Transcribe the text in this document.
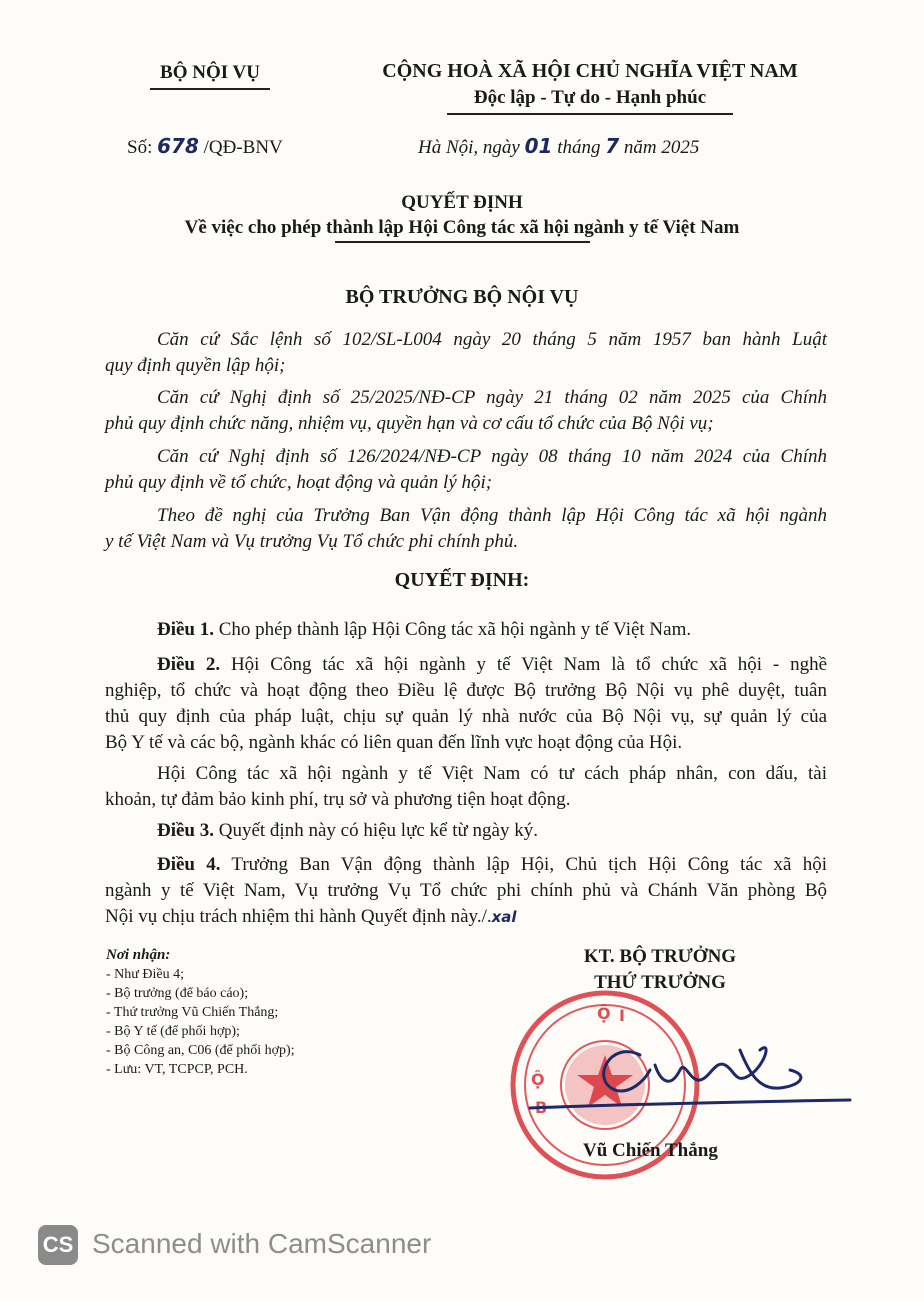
BỘ NỘI VỤ	CỘNG HOÀ XÃ HỘI CHỦ NGHĨA VIỆT NAM
Độc lập - Tự do - Hạnh phúc
Số: 678 /QĐ-BNV	Hà Nội, ngày 01 tháng 7 năm 2025
QUYẾT ĐỊNH
Về việc cho phép thành lập Hội Công tác xã hội ngành y tế Việt Nam
BỘ TRƯỞNG BỘ NỘI VỤ
Căn cứ Sắc lệnh số 102/SL-L004 ngày 20 tháng 5 năm 1957 ban hành Luật
quy định quyền lập hội;
Căn cứ Nghị định số 25/2025/NĐ-CP ngày 21 tháng 02 năm 2025 của Chính
phủ quy định chức năng, nhiệm vụ, quyền hạn và cơ cấu tổ chức của Bộ Nội vụ;
Căn cứ Nghị định số 126/2024/NĐ-CP ngày 08 tháng 10 năm 2024 của Chính
phủ quy định về tổ chức, hoạt động và quản lý hội;
Theo đề nghị của Trưởng Ban Vận động thành lập Hội Công tác xã hội ngành
y tế Việt Nam và Vụ trưởng Vụ Tổ chức phi chính phủ.
QUYẾT ĐỊNH:
Điều 1. Cho phép thành lập Hội Công tác xã hội ngành y tế Việt Nam.
Điều 2. Hội Công tác xã hội ngành y tế Việt Nam là tổ chức xã hội - nghề
nghiệp, tổ chức và hoạt động theo Điều lệ được Bộ trưởng Bộ Nội vụ phê duyệt, tuân
thủ quy định của pháp luật, chịu sự quản lý nhà nước của Bộ Nội vụ, sự quản lý của
Bộ Y tế và các bộ, ngành khác có liên quan đến lĩnh vực hoạt động của Hội.
Hội Công tác xã hội ngành y tế Việt Nam có tư cách pháp nhân, con dấu, tài
khoản, tự đảm bảo kinh phí, trụ sở và phương tiện hoạt động.
Điều 3. Quyết định này có hiệu lực kể từ ngày ký.
Điều 4. Trưởng Ban Vận động thành lập Hội, Chủ tịch Hội Công tác xã hội
ngành y tế Việt Nam, Vụ trưởng Vụ Tổ chức phi chính phủ và Chánh Văn phòng Bộ
Nội vụ chịu trách nhiệm thi hành Quyết định này./.xal
Nơi nhận:
- Như Điều 4;
- Bộ trưởng (để báo cáo);
- Thứ trưởng Vũ Chiến Thắng;
- Bộ Y tế (để phối hợp);
- Bộ Công an, C06 (để phối hợp);
- Lưu: VT, TCPCP, PCH.
Ộ I
Ộ
B
KT. BỘ TRƯỞNG
THỨ TRƯỞNG
Vũ Chiến Thắng
CS Scanned with CamScanner
